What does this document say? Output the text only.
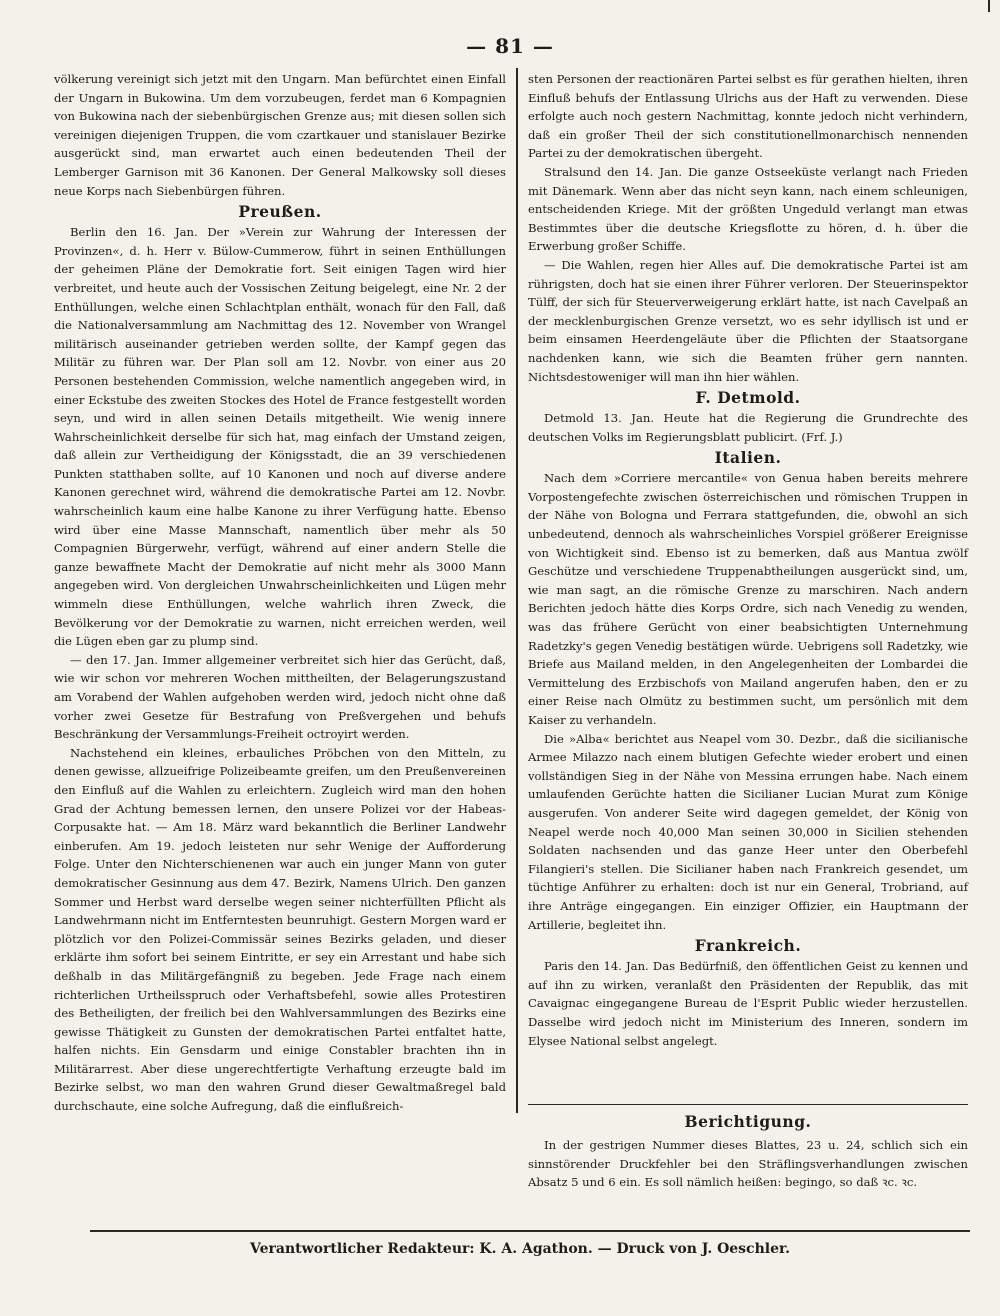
— 81 —

völkerung vereinigt sich jetzt mit den Ungarn. Man befürchtet einen Einfall der Ungarn in Bukowina. Um dem vorzubeugen, ferdet man 6 Kompagnien von Bukowina nach der siebenbürgischen Grenze aus; mit diesen sollen sich vereinigen diejenigen Truppen, die vom czartkauer und stanislauer Bezirke ausgerückt sind, man erwartet auch einen bedeutenden Theil der Lemberger Garnison mit 36 Kanonen. Der General Malkowsky soll dieses neue Korps nach Siebenbürgen führen.

Preußen.

Berlin den 16. Jan. Der »Verein zur Wahrung der Interessen der Provinzen«, d. h. Herr v. Bülow-Cummerow, führt in seinen Enthüllungen der geheimen Pläne der Demokratie fort. Seit einigen Tagen wird hier verbreitet, und heute auch der Vossischen Zeitung beigelegt, eine Nr. 2 der Enthüllungen, welche einen Schlachtplan enthält, wonach für den Fall, daß die Nationalversammlung am Nachmittag des 12. November von Wrangel militärisch auseinander getrieben werden sollte, der Kampf gegen das Militär zu führen war. Der Plan soll am 12. Novbr. von einer aus 20 Personen bestehenden Commission, welche namentlich angegeben wird, in einer Eckstube des zweiten Stockes des Hotel de France festgestellt worden seyn, und wird in allen seinen Details mitgetheilt. Wie wenig innere Wahrscheinlichkeit derselbe für sich hat, mag einfach der Umstand zeigen, daß allein zur Vertheidigung der Königsstadt, die an 39 verschiedenen Punkten statthaben sollte, auf 10 Kanonen und noch auf diverse andere Kanonen gerechnet wird, während die demokratische Partei am 12. Novbr. wahrscheinlich kaum eine halbe Kanone zu ihrer Verfügung hatte. Ebenso wird über eine Masse Mannschaft, namentlich über mehr als 50 Compagnien Bürgerwehr, verfügt, während auf einer andern Stelle die ganze bewaffnete Macht der Demokratie auf nicht mehr als 3000 Mann angegeben wird. Von dergleichen Unwahrscheinlichkeiten und Lügen mehr wimmeln diese Enthüllungen, welche wahrlich ihren Zweck, die Bevölkerung vor der Demokratie zu warnen, nicht erreichen werden, weil die Lügen eben gar zu plump sind.

— den 17. Jan. Immer allgemeiner verbreitet sich hier das Gerücht, daß, wie wir schon vor mehreren Wochen mittheilten, der Belagerungszustand am Vorabend der Wahlen aufgehoben werden wird, jedoch nicht ohne daß vorher zwei Gesetze für Bestrafung von Preßvergehen und behufs Beschränkung der Versammlungs-Freiheit octroyirt werden.

Nachstehend ein kleines, erbauliches Pröbchen von den Mitteln, zu denen gewisse, allzueifrige Polizeibeamte greifen, um den Preußenvereinen den Einfluß auf die Wahlen zu erleichtern. Zugleich wird man den hohen Grad der Achtung bemessen lernen, den unsere Polizei vor der Habeas-Corpusakte hat. — Am 18. März ward bekanntlich die Berliner Landwehr einberufen. Am 19. jedoch leisteten nur sehr Wenige der Aufforderung Folge. Unter den Nichterschienenen war auch ein junger Mann von guter demokratischer Gesinnung aus dem 47. Bezirk, Namens Ulrich. Den ganzen Sommer und Herbst ward derselbe wegen seiner nichterfüllten Pflicht als Landwehrmann nicht im Entferntesten beunruhigt. Gestern Morgen ward er plötzlich vor den Polizei-Commissär seines Bezirks geladen, und dieser erklärte ihm sofort bei seinem Eintritte, er sey ein Arrestant und habe sich deßhalb in das Militärgefängniß zu begeben. Jede Frage nach einem richterlichen Urtheilsspruch oder Verhaftsbefehl, sowie alles Protestiren des Betheiligten, der freilich bei den Wahlversammlungen des Bezirks eine gewisse Thätigkeit zu Gunsten der demokratischen Partei entfaltet hatte, halfen nichts. Ein Gensdarm und einige Constabler brachten ihn in Militärarrest. Aber diese ungerechtfertigte Verhaftung erzeugte bald im Bezirke selbst, wo man den wahren Grund dieser Gewaltmaßregel bald durchschaute, eine solche Aufregung, daß die einflußreich-

sten Personen der reactionären Partei selbst es für gerathen hielten, ihren Einfluß behufs der Entlassung Ulrichs aus der Haft zu verwenden. Diese erfolgte auch noch gestern Nachmittag, konnte jedoch nicht verhindern, daß ein großer Theil der sich constitutionellmonarchisch nennenden Partei zu der demokratischen übergeht.

Stralsund den 14. Jan. Die ganze Ostseeküste verlangt nach Frieden mit Dänemark. Wenn aber das nicht seyn kann, nach einem schleunigen, entscheidenden Kriege. Mit der größten Ungeduld verlangt man etwas Bestimmtes über die deutsche Kriegsflotte zu hören, d. h. über die Erwerbung großer Schiffe.

— Die Wahlen, regen hier Alles auf. Die demokratische Partei ist am rührigsten, doch hat sie einen ihrer Führer verloren. Der Steuerinspektor Tülff, der sich für Steuerverweigerung erklärt hatte, ist nach Cavelpaß an der mecklenburgischen Grenze versetzt, wo es sehr idyllisch ist und er beim einsamen Heerdengeläute über die Pflichten der Staatsorgane nachdenken kann, wie sich die Beamten früher gern nannten. Nichtsdestoweniger will man ihn hier wählen.

F. Detmold.

Detmold 13. Jan. Heute hat die Regierung die Grundrechte des deutschen Volks im Regierungsblatt publicirt. (Frf. J.)

Italien.

Nach dem »Corriere mercantile« von Genua haben bereits mehrere Vorpostengefechte zwischen österreichischen und römischen Truppen in der Nähe von Bologna und Ferrara stattgefunden, die, obwohl an sich unbedeutend, dennoch als wahrscheinliches Vorspiel größerer Ereignisse von Wichtigkeit sind. Ebenso ist zu bemerken, daß aus Mantua zwölf Geschütze und verschiedene Truppenabtheilungen ausgerückt sind, um, wie man sagt, an die römische Grenze zu marschiren. Nach andern Berichten jedoch hätte dies Korps Ordre, sich nach Venedig zu wenden, was das frühere Gerücht von einer beabsichtigten Unternehmung Radetzky's gegen Venedig bestätigen würde. Uebrigens soll Radetzky, wie Briefe aus Mailand melden, in den Angelegenheiten der Lombardei die Vermittelung des Erzbischofs von Mailand angerufen haben, den er zu einer Reise nach Olmütz zu bestimmen sucht, um persönlich mit dem Kaiser zu verhandeln.

Die »Alba« berichtet aus Neapel vom 30. Dezbr., daß die sicilianische Armee Milazzo nach einem blutigen Gefechte wieder erobert und einen vollständigen Sieg in der Nähe von Messina errungen habe. Nach einem umlaufenden Gerüchte hatten die Sicilianer Lucian Murat zum Könige ausgerufen. Von anderer Seite wird dagegen gemeldet, der König von Neapel werde noch 40,000 Man seinen 30,000 in Sicilien stehenden Soldaten nachsenden und das ganze Heer unter den Oberbefehl Filangieri's stellen. Die Sicilianer haben nach Frankreich gesendet, um tüchtige Anführer zu erhalten: doch ist nur ein General, Trobriand, auf ihre Anträge eingegangen. Ein einziger Offizier, ein Hauptmann der Artillerie, begleitet ihn.

Frankreich.

Paris den 14. Jan. Das Bedürfniß, den öffentlichen Geist zu kennen und auf ihn zu wirken, veranlaßt den Präsidenten der Republik, das mit Cavaignac eingegangene Bureau de l'Esprit Public wieder herzustellen. Dasselbe wird jedoch nicht im Ministerium des Inneren, sondern im Elysee National selbst angelegt.

Berichtigung.

In der gestrigen Nummer dieses Blattes, 23 u. 24, schlich sich ein sinnstörender Druckfehler bei den Sträflingsverhandlungen zwischen Absatz 5 und 6 ein. Es soll nämlich heißen: begingo, so daß ꝛc. ꝛc.

Verantwortlicher Redakteur: K. A. Agathon. — Druck von J. Oeschler.
